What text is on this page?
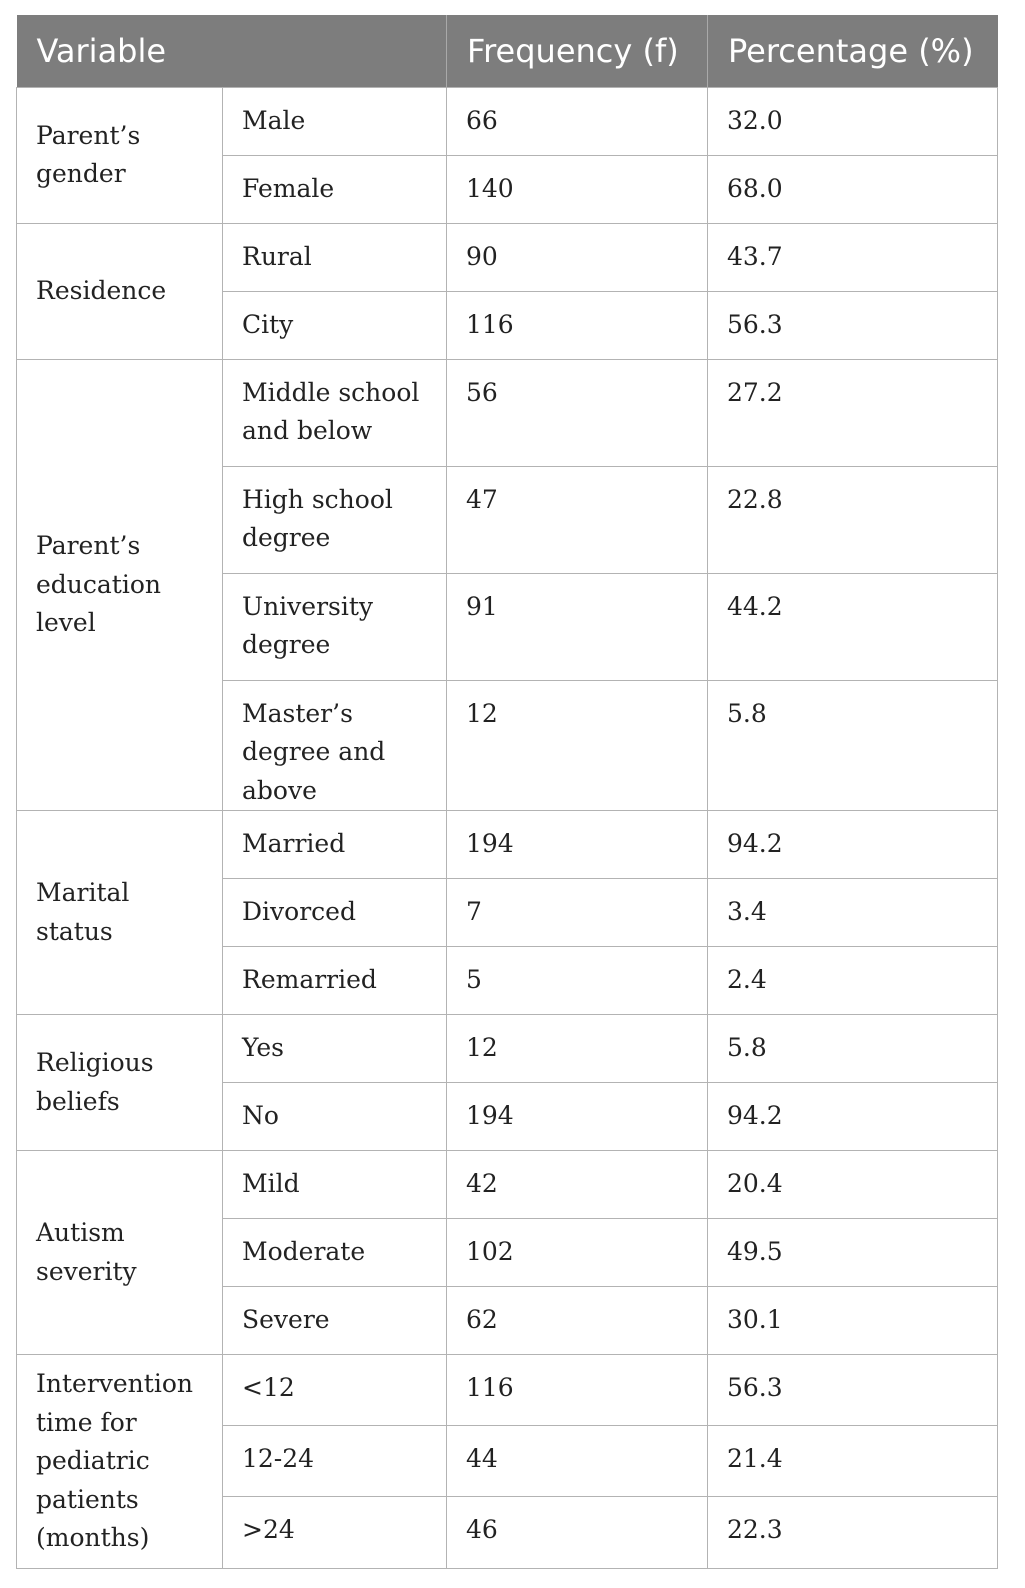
Variable		Frequency (f)	Percentage (%)
Parent’s gender	Male	66	32.0
	Female	140	68.0
Residence	Rural	90	43.7
	City	116	56.3
Parent’s education level	Middle school and below	56	27.2
	High school degree	47	22.8
	University degree	91	44.2
	Master’s degree and above	12	5.8
Marital status	Married	194	94.2
	Divorced	7	3.4
	Remarried	5	2.4
Religious beliefs	Yes	12	5.8
	No	194	94.2
Autism severity	Mild	42	20.4
	Moderate	102	49.5
	Severe	62	30.1
Intervention time for pediatric patients (months)	<12	116	56.3
	12-24	44	21.4
	>24	46	22.3
